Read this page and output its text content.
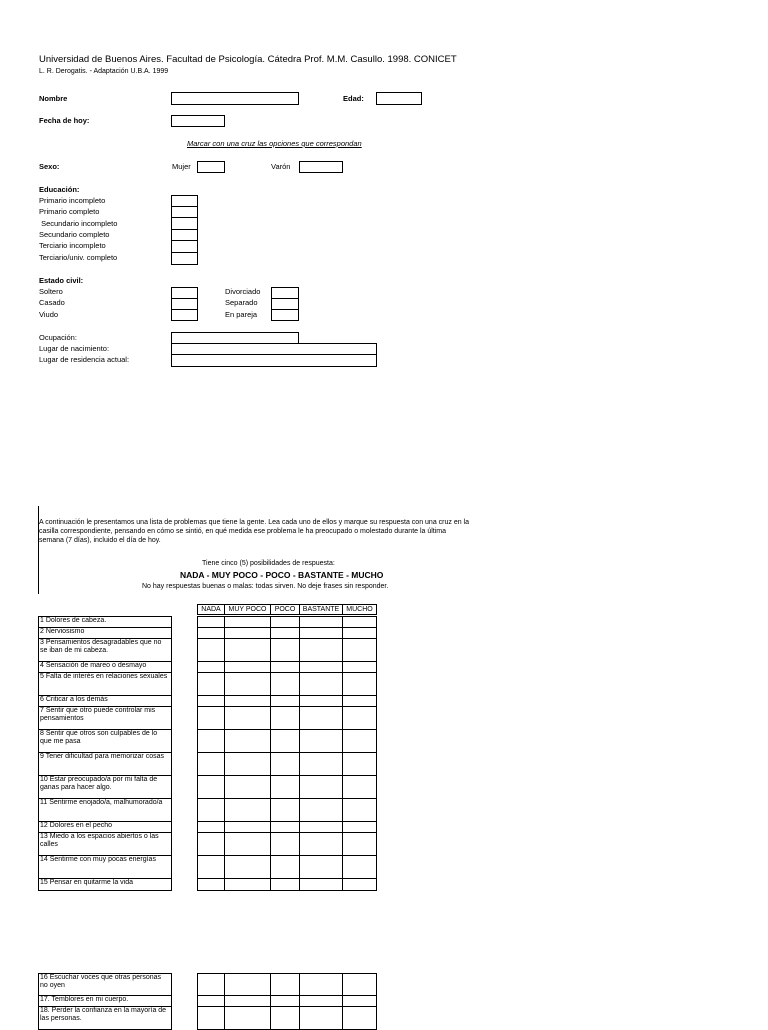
Universidad de Buenos Aires. Facultad de Psicología. Cátedra Prof. M.M. Casullo. 1998. CONICET
L. R. Derogatis. - Adaptación U.B.A. 1999
Nombre	Edad:
Fecha de hoy:
Marcar con una cruz las opciones que correspondan
Sexo:	Mujer	Varón
Educación:
Primario incompleto
Primario completo
Secundario incompleto
Secundario completo
Terciario incompleto
Terciario/univ. completo
Estado civil:
Soltero
Casado
Viudo
Divorciado
Separado
En pareja
Ocupación:
Lugar de nacimiento:
Lugar de residencia actual:
A continuación le presentamos una lista de problemas que tiene la gente. Lea cada uno de ellos y marque su respuesta con una cruz en la
casilla correspondiente, pensando en cómo se sintió, en qué medida ese problema le ha preocupado o molestado durante la última
semana (7 días), incluido el día de hoy.
Tiene cinco (5) posibilidades de respuesta:
NADA - MUY POCO - POCO - BASTANTE - MUCHO
No hay respuestas buenas o malas: todas sirven. No deje frases sin responder.
NADA	MUY POCO	POCO	BASTANTE	MUCHO
1 Dolores de cabeza.
2 Nerviosismo
3 Pensamientos desagradables que no se iban de mi cabeza.
4 Sensación de mareo o desmayo
5 Falta de interés en relaciones sexuales
6 Criticar a los demás
7 Sentir que otro puede controlar mis pensamientos
8 Sentir que otros son culpables de lo que me pasa
9 Tener dificultad para memorizar cosas
10 Estar preocupado/a por mi falta de ganas para hacer algo.
11 Sentirme enojado/a, malhumorado/a
12 Dolores en el pecho
13 Miedo a los espacios abiertos o las calles
14 Sentirme con muy pocas energías
15 Pensar en quitarme la vida
16 Escuchar voces que otras personas no oyen
17. Temblores en mi cuerpo.
18. Perder la confianza en la mayoría de las personas.
